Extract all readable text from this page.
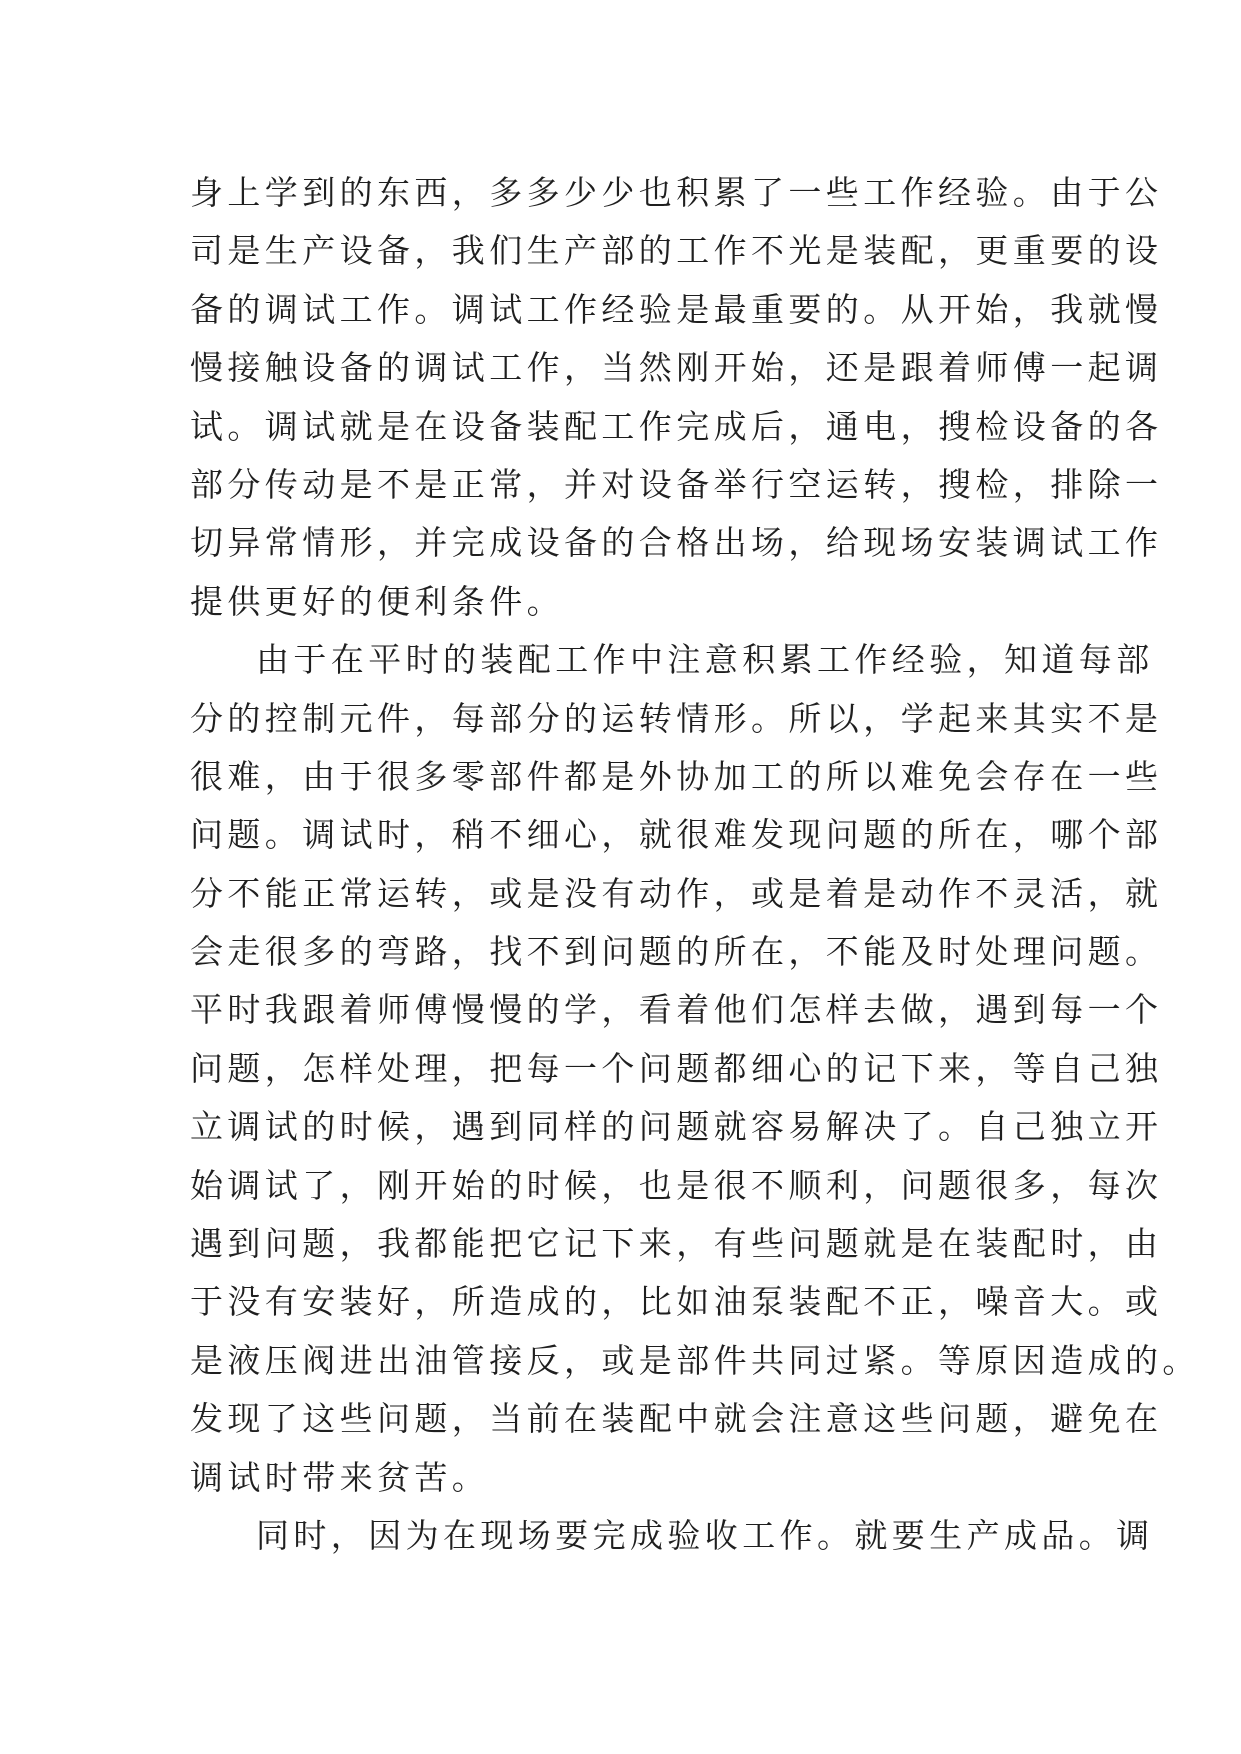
身上学到的东西，多多少少也积累了一些工作经验。由于公
司是生产设备，我们生产部的工作不光是装配，更重要的设
备的调试工作。调试工作经验是最重要的。从开始，我就慢
慢接触设备的调试工作，当然刚开始，还是跟着师傅一起调
试。调试就是在设备装配工作完成后，通电，搜检设备的各
部分传动是不是正常，并对设备举行空运转，搜检，排除一
切异常情形，并完成设备的合格出场，给现场安装调试工作
提供更好的便利条件。
由于在平时的装配工作中注意积累工作经验，知道每部
分的控制元件，每部分的运转情形。所以，学起来其实不是
很难，由于很多零部件都是外协加工的所以难免会存在一些
问题。调试时，稍不细心，就很难发现问题的所在，哪个部
分不能正常运转，或是没有动作，或是着是动作不灵活，就
会走很多的弯路，找不到问题的所在，不能及时处理问题。
平时我跟着师傅慢慢的学，看着他们怎样去做，遇到每一个
问题，怎样处理，把每一个问题都细心的记下来，等自己独
立调试的时候，遇到同样的问题就容易解决了。自己独立开
始调试了，刚开始的时候，也是很不顺利，问题很多，每次
遇到问题，我都能把它记下来，有些问题就是在装配时，由
于没有安装好，所造成的，比如油泵装配不正，噪音大。或
是液压阀进出油管接反，或是部件共同过紧。等原因造成的。
发现了这些问题，当前在装配中就会注意这些问题，避免在
调试时带来贫苦。
同时，因为在现场要完成验收工作。就要生产成品。调
